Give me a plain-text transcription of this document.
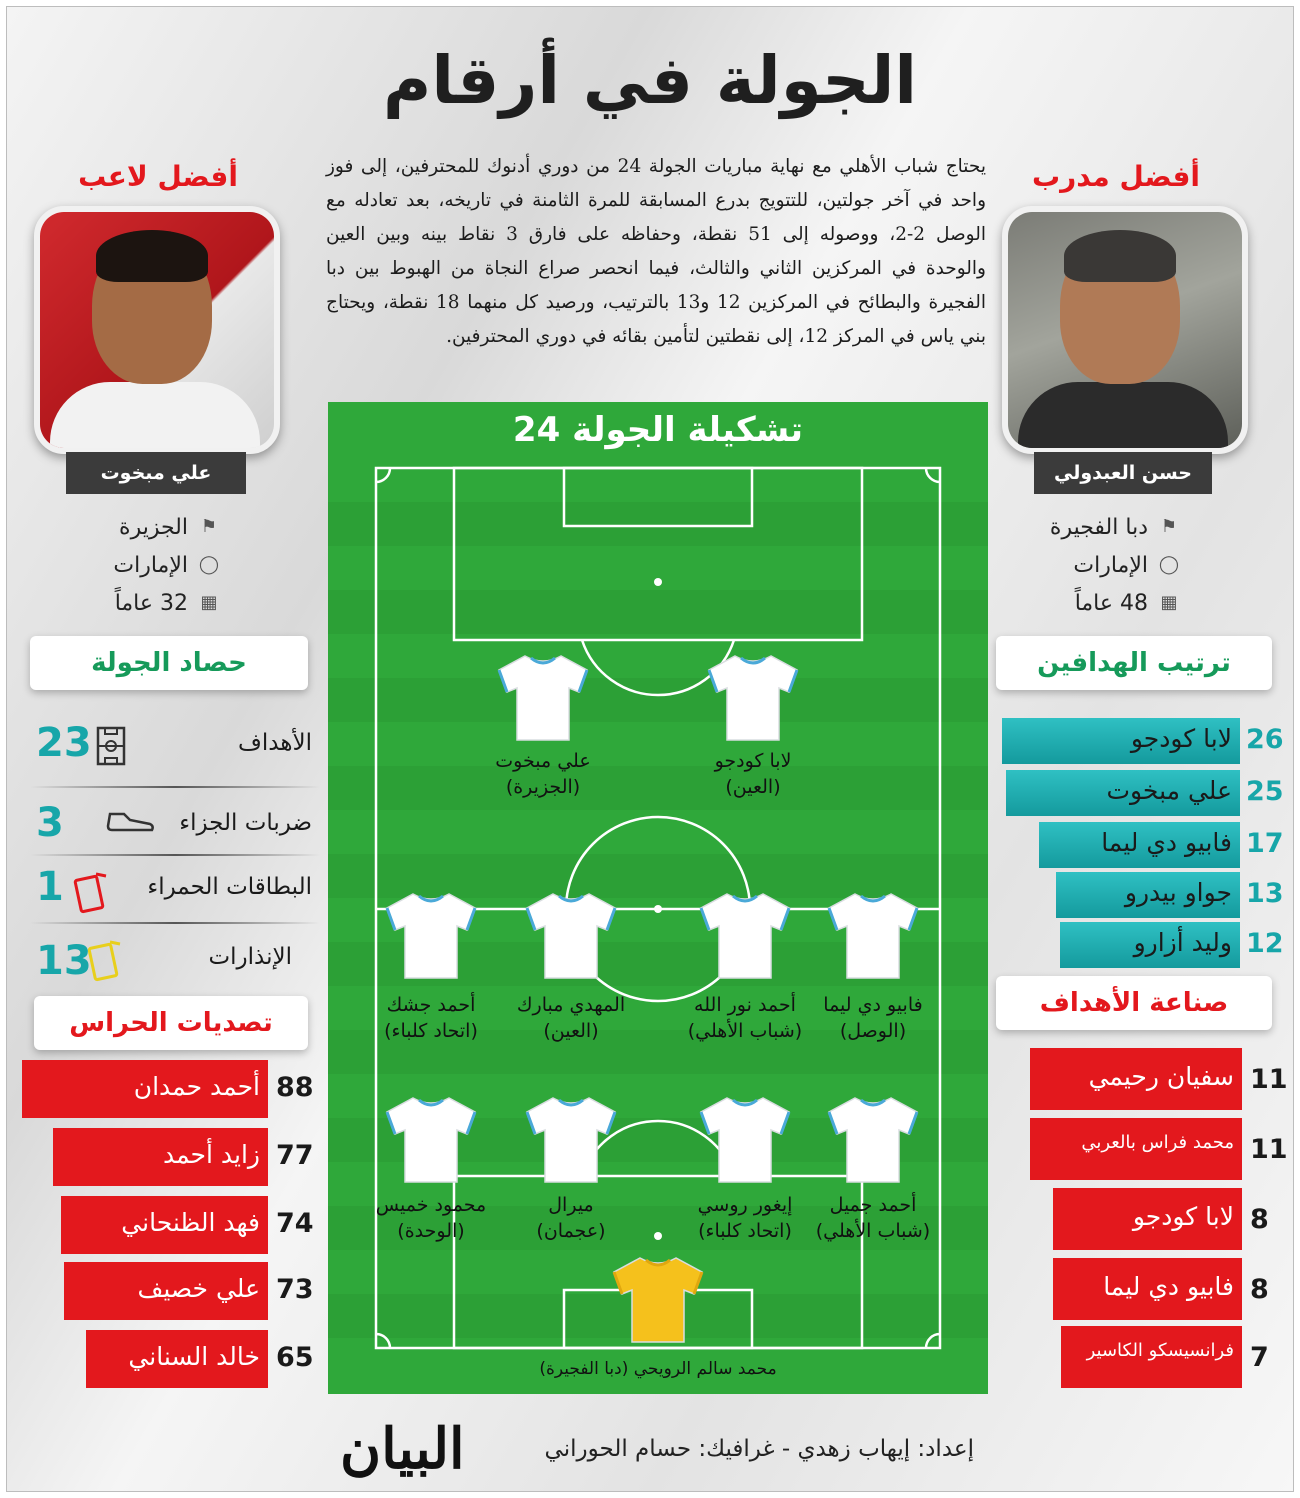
الجولة في أرقام
يحتاج شباب الأهلي مع نهاية مباريات الجولة 24 من دوري أدنوك للمحترفين، إلى فوز واحد في آخر جولتين، للتتويج بدرع المسابقة للمرة الثامنة في تاريخه، بعد تعادله مع الوصل 2-2، ووصوله إلى 51 نقطة، وحفاظه على فارق 3 نقاط بينه وبين العين والوحدة في المركزين الثاني والثالث، فيما انحصر صراع النجاة من الهبوط بين دبا الفجيرة والبطائح في المركزين 12 و13 بالترتيب، ورصيد كل منهما 18 نقطة، ويحتاج بني ياس في المركز 12، إلى نقطتين لتأمين بقائه في دوري المحترفين.
أفضل مدرب
حسن العبدولي
⚑
دبا الفجيرة
◯
الإمارات
▦
48 عاماً
أفضل لاعب
علي مبخوت
⚑
الجزيرة
◯
الإمارات
▦
32 عاماً
حصاد الجولة
الأهداف
23
ضربات الجزاء
3
البطاقات الحمراء
1
الإنذارات
13
تصديات الحراس
أحمد حمدان 88
زايد أحمد 77
فهد الظنحاني 74
علي خصيف 73
خالد السناني 65
ترتيب الهدافين
لابا كودجو 26
علي مبخوت 25
فابيو دي ليما 17
جواو بيدرو 13
وليد أزارو 12
صناعة الأهداف
سفيان رحيمي 11
محمد فراس بالعربي 11
لابا كودجو 8
فابيو دي ليما 8
فرانسيسكو الكاسير 7
تشكيلة الجولة 24
علي مبخوت
(الجزيرة)
لابا كودجو
(العين)
أحمد جشك
(اتحاد كلباء)
المهدي مبارك
(العين)
أحمد نور الله
(شباب الأهلي)
فابيو دي ليما
(الوصل)
محمود خميس
(الوحدة)
ميرال
(عجمان)
إيغور روسي
(اتحاد كلباء)
أحمد جميل
(شباب الأهلي)
محمد سالم الرويحي (دبا الفجيرة)
إعداد: إيهاب زهدي - غرافيك: حسام الحوراني
البيان
